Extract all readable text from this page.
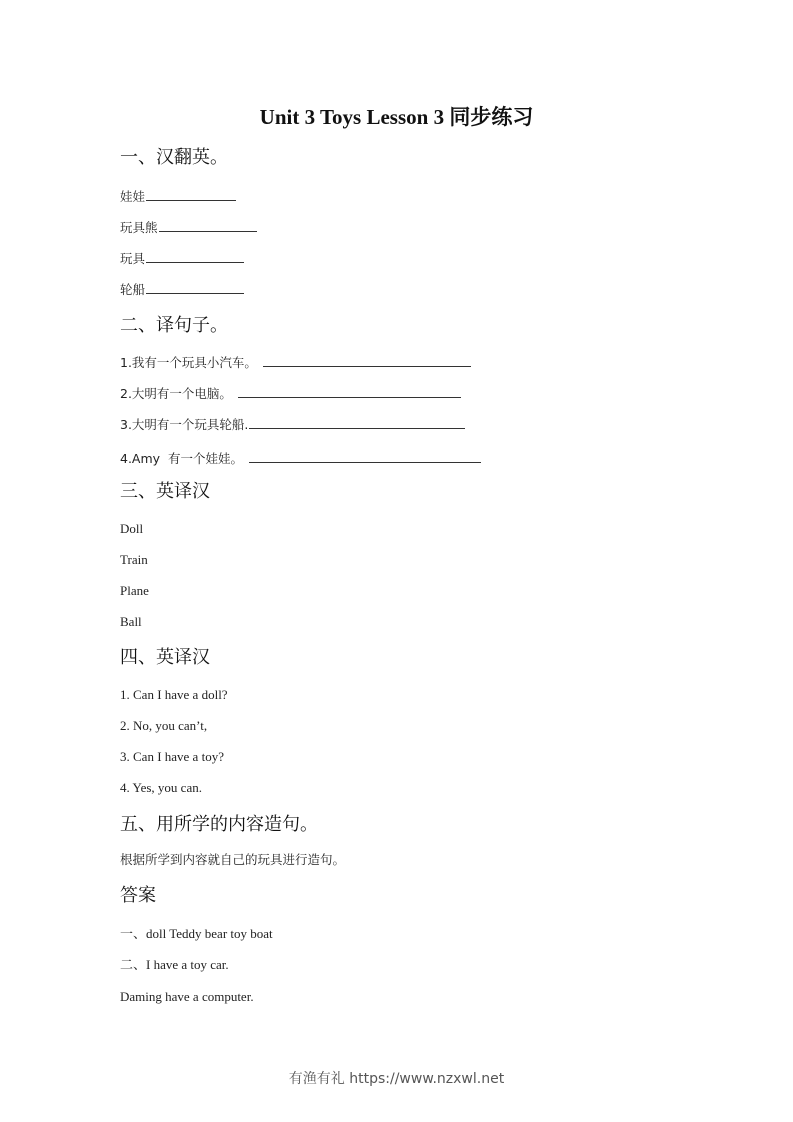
Unit 3 Toys Lesson 3 同步练习
一、汉翻英。
娃娃
玩具熊
玩具
轮船
二、译句子。
1.我有一个玩具小汽车。
2.大明有一个电脑。
3.大明有一个玩具轮船.
4.Amy  有一个娃娃。
三、英译汉
Doll
Train
Plane
Ball
四、英译汉
1. Can I have a doll?
2. No, you can’t,
3. Can I have a toy?
4. Yes, you can.
五、用所学的内容造句。
根据所学到内容就自己的玩具进行造句。
答案
一、doll Teddy bear toy boat
二、I have a toy car.
Daming have a computer.
有渔有礼 https://www.nzxwl.net
